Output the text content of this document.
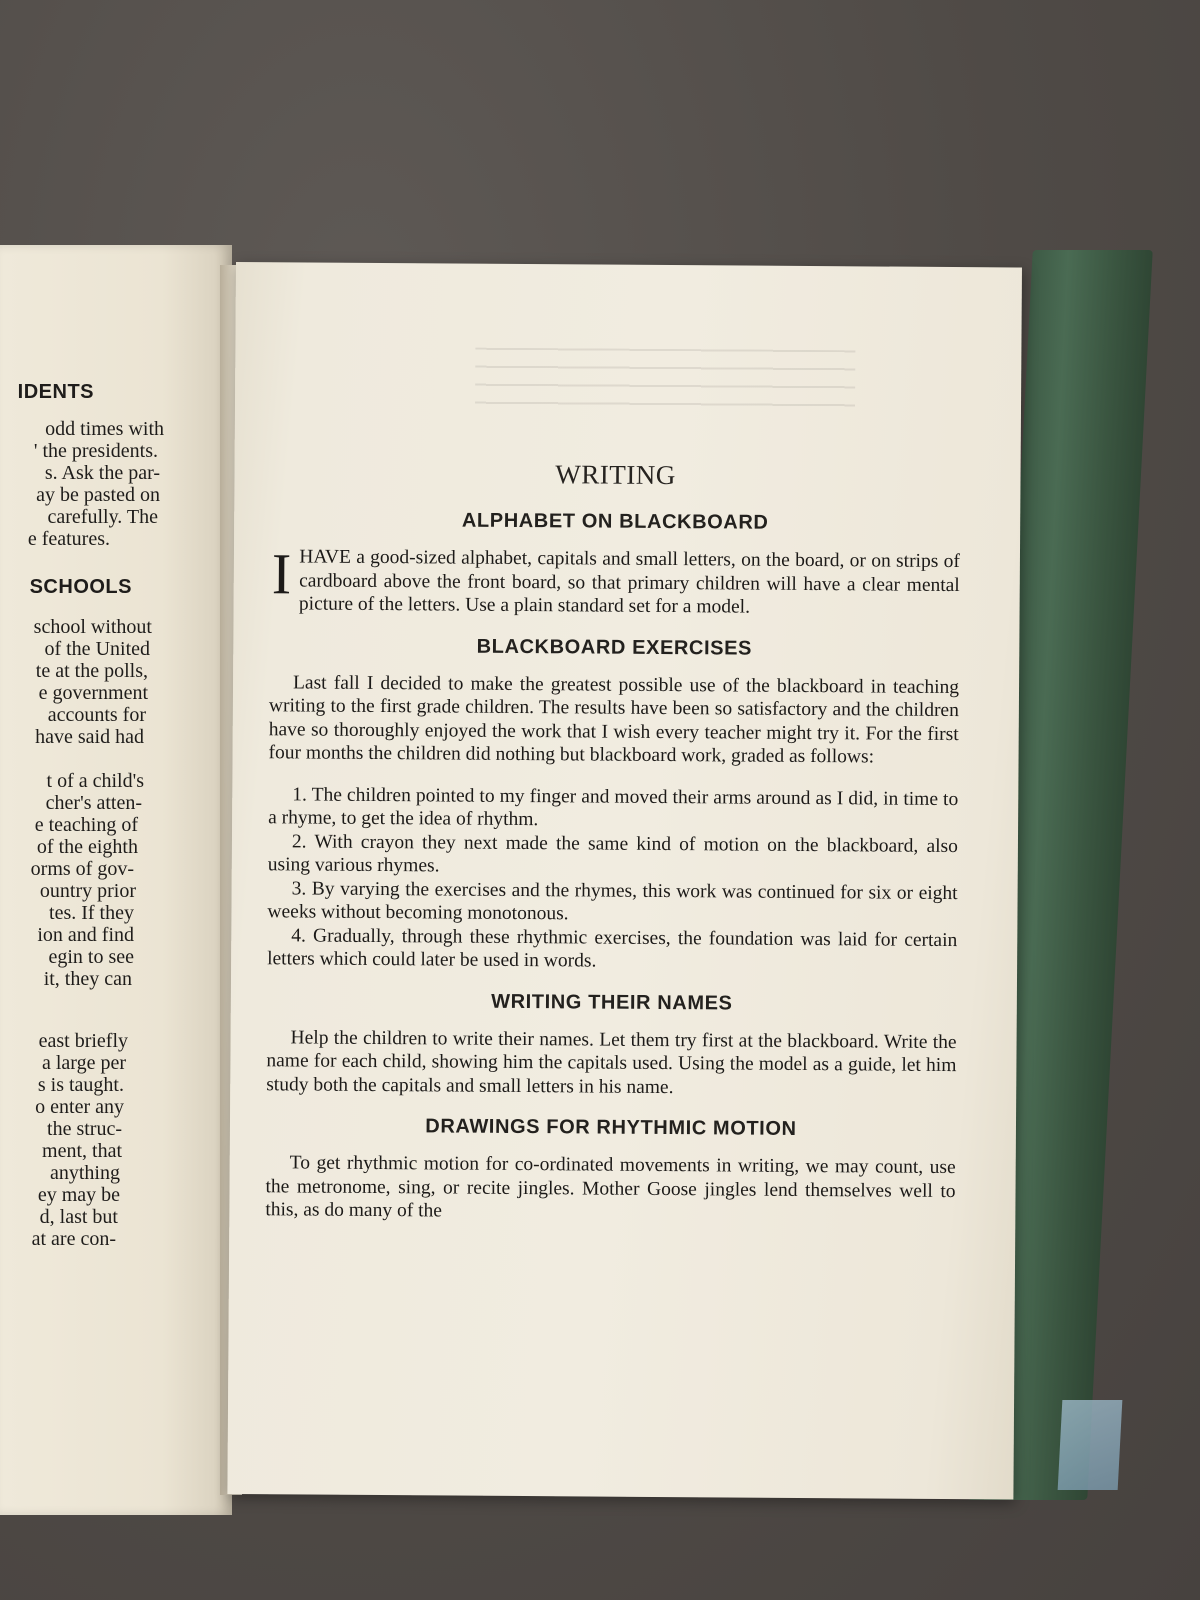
IDENTS
odd times with
' the presidents.
s. Ask the par-
ay be pasted on
carefully. The
e features.
SCHOOLS
school without
of the United
te at the polls,
e government
accounts for
have said had
t of a child's
cher's atten-
e teaching of
of the eighth
orms of gov-
ountry prior
tes. If they
ion and find
egin to see
it, they can
east briefly
a large per
s is taught.
o enter any
the struc-
ment, that
anything
ey may be
d, last but
at are con-
WRITING
ALPHABET ON BLACKBOARD

I HAVE a good-sized alphabet, capitals and small letters, on the board, or on strips of cardboard above the front board, so that primary children will have a clear mental picture of the letters. Use a plain standard set for a model.

BLACKBOARD EXERCISES

Last fall I decided to make the greatest possible use of the blackboard in teaching writing to the first grade children. The results have been so satisfactory and the children have so thoroughly enjoyed the work that I wish every teacher might try it. For the first four months the children did nothing but blackboard work, graded as follows:

1. The children pointed to my finger and moved their arms around as I did, in time to a rhyme, to get the idea of rhythm.

2. With crayon they next made the same kind of motion on the blackboard, also using various rhymes.

3. By varying the exercises and the rhymes, this work was continued for six or eight weeks without becoming monotonous.

4. Gradually, through these rhythmic exercises, the foundation was laid for certain letters which could later be used in words.

WRITING THEIR NAMES

Help the children to write their names. Let them try first at the blackboard. Write the name for each child, showing him the capitals used. Using the model as a guide, let him study both the capitals and small letters in his name.

DRAWINGS FOR RHYTHMIC MOTION

To get rhythmic motion for co-ordinated movements in writing, we may count, use the metronome, sing, or recite jingles. Mother Goose jingles lend themselves well to this, as do many of the
